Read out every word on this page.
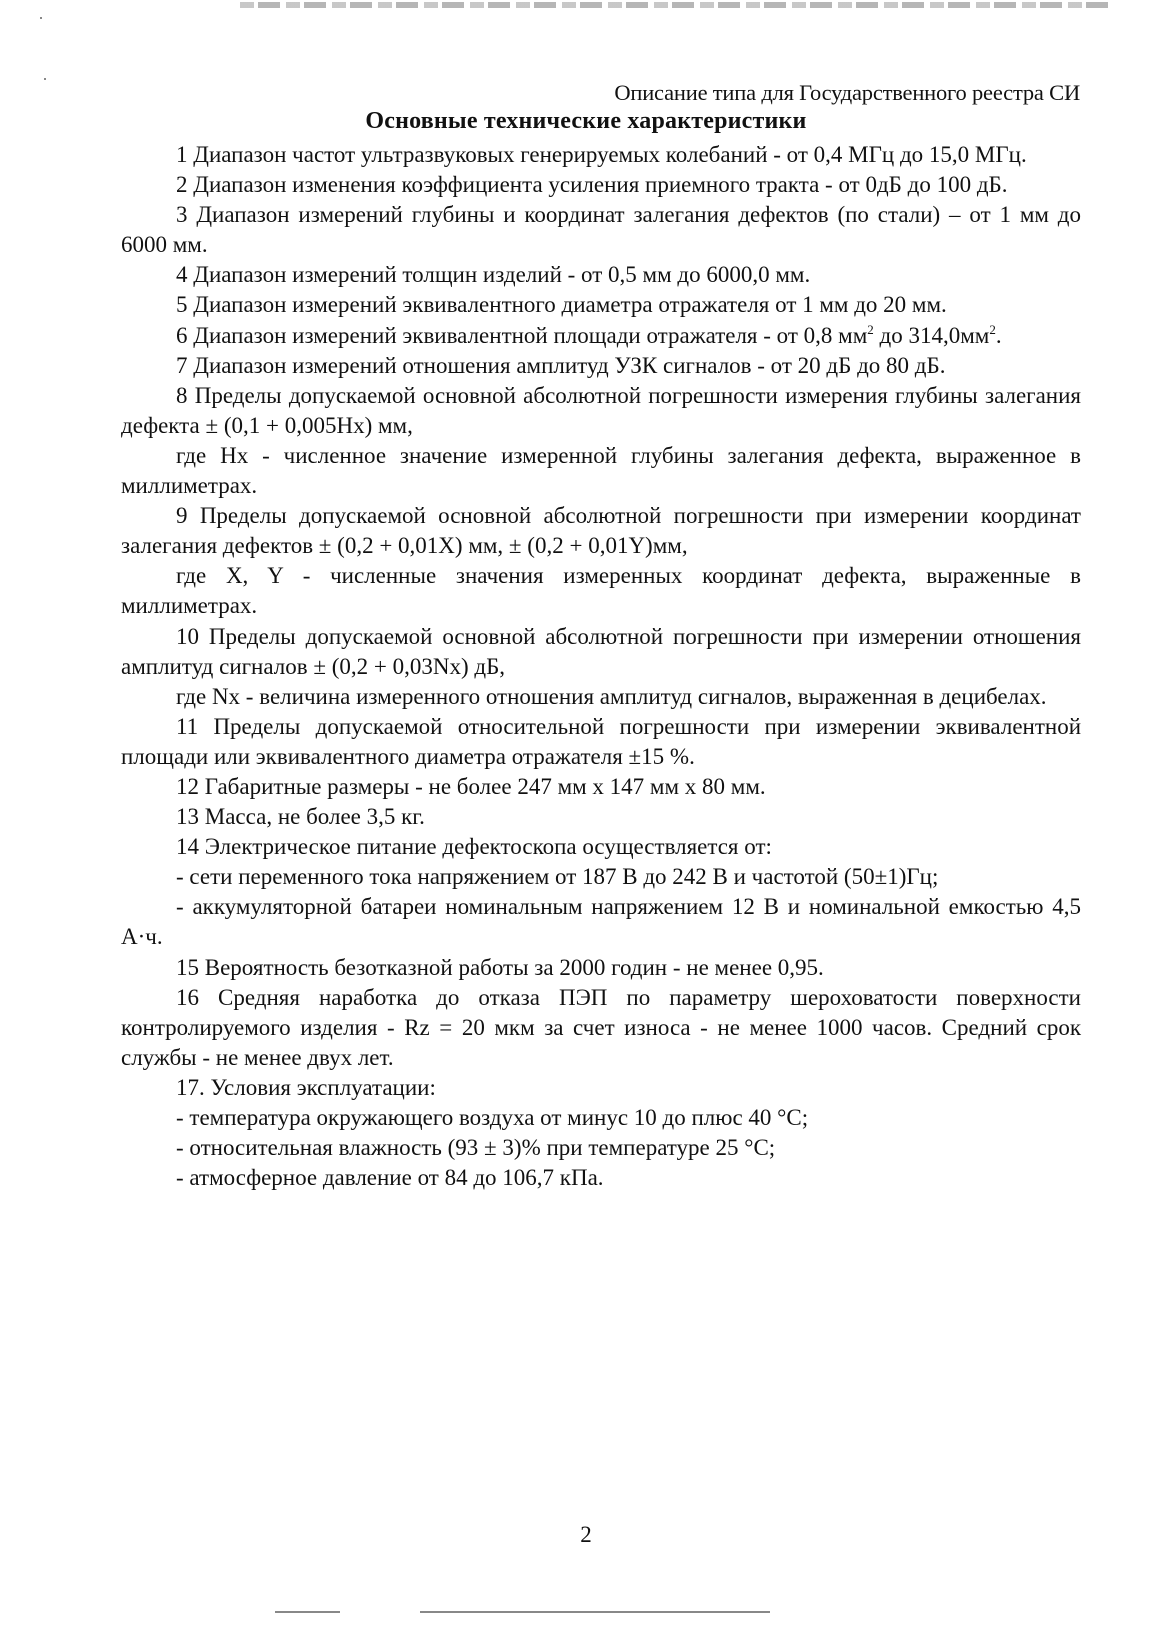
Описание типа для Государственного реестра СИ
Основные технические характеристики

1 Диапазон частот ультразвуковых генерируемых колебаний - от 0,4 МГц до 15,0 МГц.

2 Диапазон изменения коэффициента усиления приемного тракта - от 0дБ до 100 дБ.

3 Диапазон измерений глубины и координат залегания дефектов (по стали) – от 1 мм до 6000 мм.

4 Диапазон измерений толщин изделий - от 0,5 мм до 6000,0 мм.

5 Диапазон измерений эквивалентного диаметра отражателя от 1 мм до 20 мм.

6 Диапазон измерений эквивалентной площади отражателя - от 0,8 $мм^2$ до $314,0мм^2$.

7 Диапазон измерений отношения амплитуд УЗК сигналов - от 20 дБ до 80 дБ.

8 Пределы допускаемой основной абсолютной погрешности измерения глубины залегания дефекта ± (0,1 + 0,005Hx) мм,

где Hx - численное значение измеренной глубины залегания дефекта, выраженное в миллиметрах.

9 Пределы допускаемой основной абсолютной погрешности при измерении координат залегания дефектов ± (0,2 + 0,01X) мм, ± (0,2 + 0,01Y)мм,

где X, Y - численные значения измеренных координат дефекта, выраженные в миллиметрах.

10 Пределы допускаемой основной абсолютной погрешности при измерении отношения амплитуд сигналов ± (0,2 + 0,03Nx) дБ,

где Nx - величина измеренного отношения амплитуд сигналов, выраженная в децибелах.

11 Пределы допускаемой относительной погрешности при измерении эквивалентной площади или эквивалентного диаметра отражателя ±15 %.

12 Габаритные размеры - не более 247 мм х 147 мм х 80 мм.

13 Масса, не более 3,5 кг.

14 Электрическое питание дефектоскопа осуществляется от:

- сети переменного тока напряжением от 187 В до 242 В и частотой (50±1)Гц;

- аккумуляторной батареи номинальным напряжением 12 В и номинальной емкостью 4,5 А·ч.

15 Вероятность безотказной работы за 2000 годин - не менее 0,95.

16 Средняя наработка до отказа ПЭП по параметру шероховатости поверхности контролируемого изделия - Rz = 20 мкм за счет износа - не менее 1000 часов. Средний срок службы - не менее двух лет.

17. Условия эксплуатации:

- температура окружающего воздуха от минус 10 до плюс 40 °С;

- относительная влажность (93 ± 3)% при температуре 25 °С;

- атмосферное давление от 84 до 106,7 кПа.

2
